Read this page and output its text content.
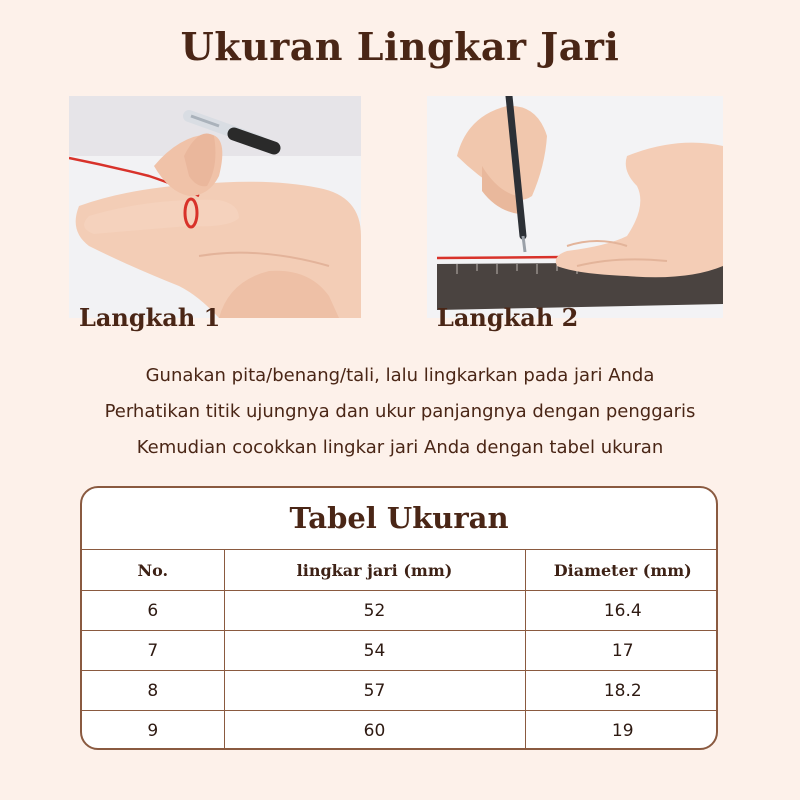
Ukuran Lingkar Jari
Langkah 1	Langkah 2
Gunakan pita/benang/tali, lalu lingkarkan pada jari Anda
Perhatikan titik ujungnya dan ukur panjangnya dengan penggaris
Kemudian cocokkan lingkar jari Anda dengan tabel ukuran
Tabel Ukuran
No.	lingkar jari (mm)	Diameter (mm)
6	52	16.4
7	54	17
8	57	18.2
9	60	19
